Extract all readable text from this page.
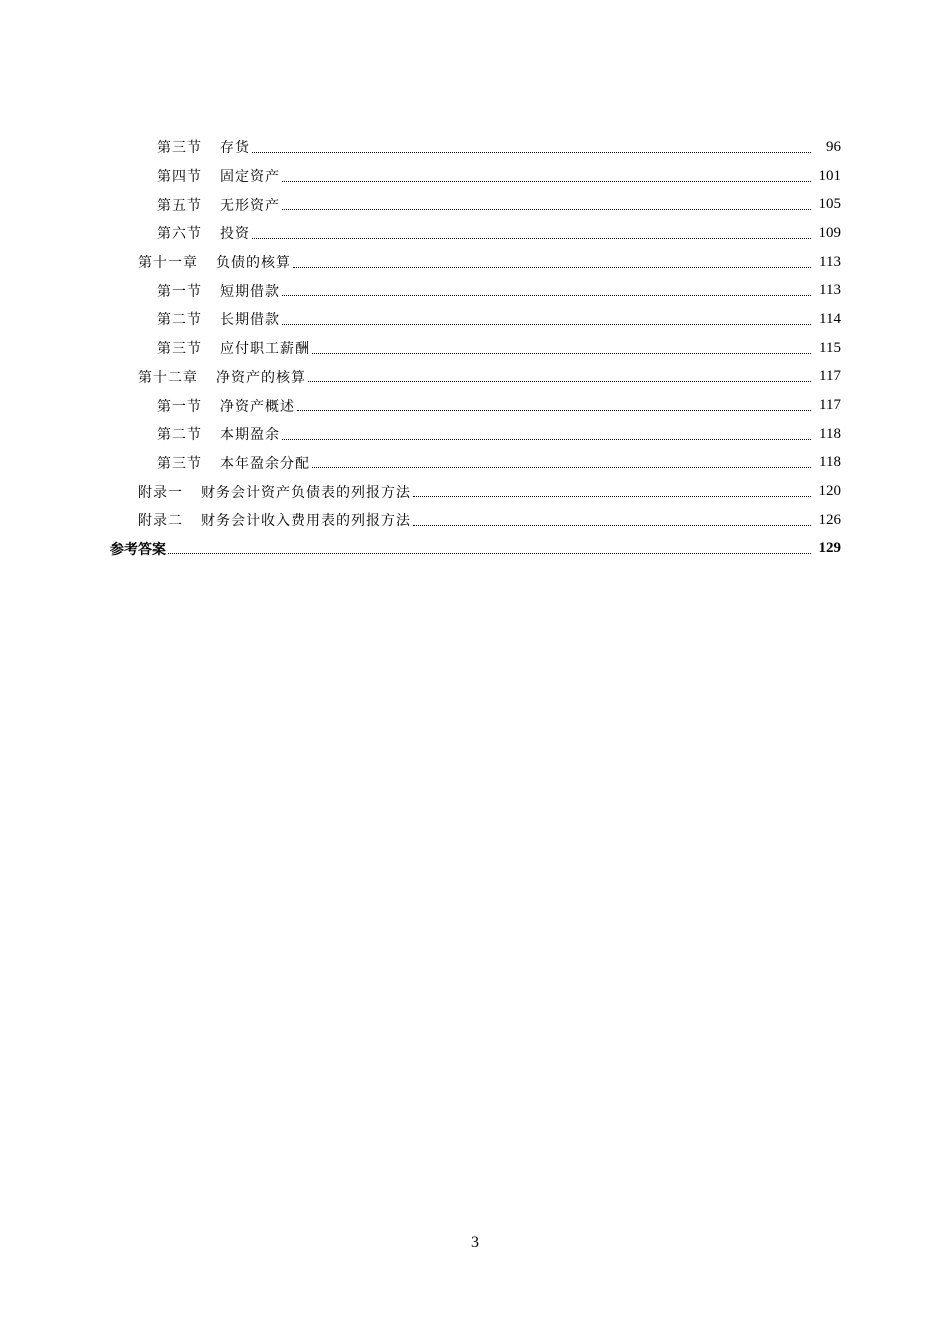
第三节 存货	96
第四节 固定资产	101
第五节 无形资产	105
第六节 投资	109
第十一章 负债的核算	113
第一节 短期借款	113
第二节 长期借款	114
第三节 应付职工薪酬	115
第十二章 净资产的核算	117
第一节 净资产概述	117
第二节 本期盈余	118
第三节 本年盈余分配	118
附录一 财务会计资产负债表的列报方法	120
附录二 财务会计收入费用表的列报方法	126
参考答案	129
3
